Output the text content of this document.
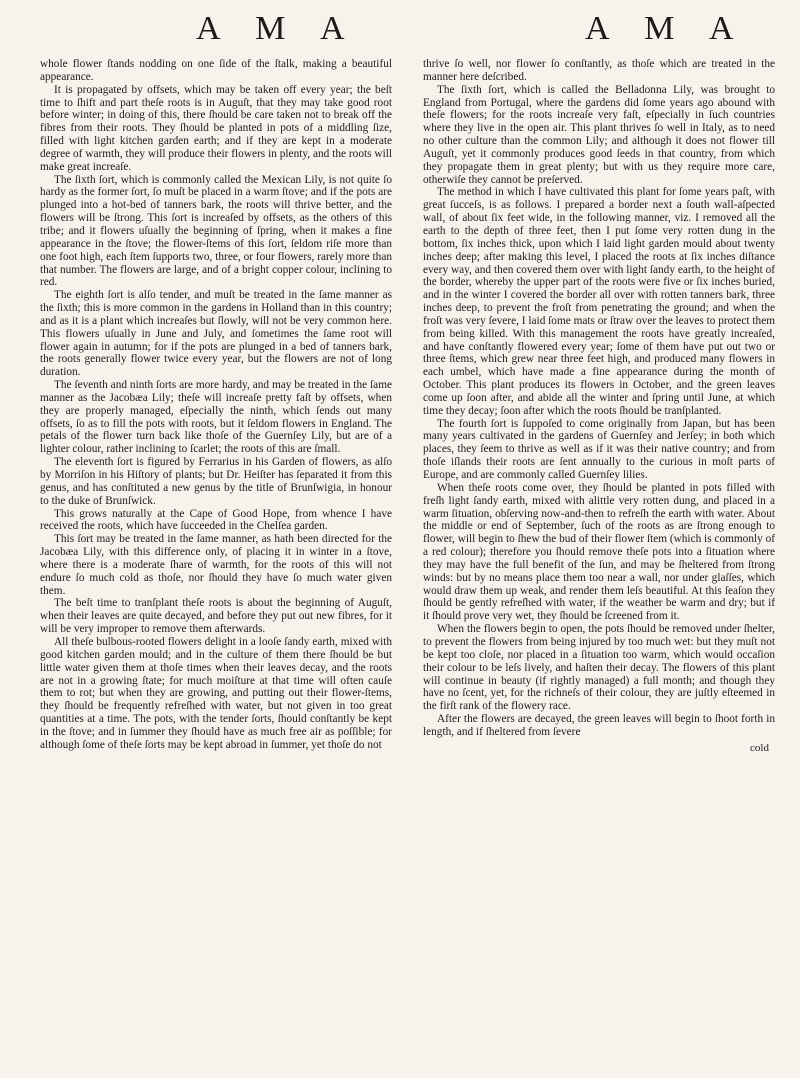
A M A	A M A

whole flower ſtands nodding on one ſide of the ſtalk, making a beautiful appearance.

It is propagated by offsets, which may be taken off every year; the beſt time to ſhift and part theſe roots is in Auguſt, that they may take good root before winter; in doing of this, there ſhould be care taken not to break off the fibres from their roots. They ſhould be planted in pots of a middling ſize, filled with light kitchen garden earth; and if they are kept in a moderate degree of warmth, they will produce their flowers in plenty, and the roots will make great increaſe.

The ſixth ſort, which is commonly called the Mexican Lily, is not quite ſo hardy as the former ſort, ſo muſt be placed in a warm ſtove; and if the pots are plunged into a hot-bed of tanners bark, the roots will thrive better, and the flowers will be ſtrong. This ſort is increaſed by offsets, as the others of this tribe; and it flowers uſually the beginning of ſpring, when it makes a fine appearance in the ſtove; the flower-ſtems of this ſort, ſeldom riſe more than one foot high, each ſtem ſupports two, three, or four flowers, rarely more than that number. The flowers are large, and of a bright copper colour, inclining to red.

The eighth ſort is alſo tender, and muſt be treated in the ſame manner as the ſixth; this is more common in the gardens in Holland than in this country; and as it is a plant which increaſes but ſlowly, will not be very common here. This flowers uſually in June and July, and ſometimes the ſame root will flower again in autumn; for if the pots are plunged in a bed of tanners bark, the roots generally flower twice every year, but the flowers are not of long duration.

The ſeventh and ninth ſorts are more hardy, and may be treated in the ſame manner as the Jacobæa Lily; theſe will increaſe pretty faſt by offsets, when they are properly managed, eſpecially the ninth, which ſends out many offsets, ſo as to fill the pots with roots, but it ſeldom flowers in England. The petals of the flower turn back like thoſe of the Guernſey Lily, but are of a lighter colour, rather inclining to ſcarlet; the roots of this are ſmall.

The eleventh ſort is figured by Ferrarius in his Garden of flowers, as alſo by Morriſon in his Hiſtory of plants; but Dr. Heiſter has ſeparated it from this genus, and has conſtituted a new genus by the title of Brunſwigia, in honour to the duke of Brunſwick.

This grows naturally at the Cape of Good Hope, from whence I have received the roots, which have ſucceeded in the Chelſea garden.

This ſort may be treated in the ſame manner, as hath been directed for the Jacobæa Lily, with this difference only, of placing it in winter in a ſtove, where there is a moderate ſhare of warmth, for the roots of this will not endure ſo much cold as thoſe, nor ſhould they have ſo much water given them.

The beſt time to tranſplant theſe roots is about the beginning of Auguſt, when their leaves are quite decayed, and before they put out new fibres, for it will be very improper to remove them afterwards.

All theſe bulbous-rooted flowers delight in a looſe ſandy earth, mixed with good kitchen garden mould; and in the culture of them there ſhould be but little water given them at thoſe times when their leaves decay, and the roots are not in a growing ſtate; for much moiſture at that time will often cauſe them to rot; but when they are growing, and putting out their flower-ſtems, they ſhould be frequently refreſhed with water, but not given in too great quantities at a time. The pots, with the tender ſorts, ſhould conſtantly be kept in the ſtove; and in ſummer they ſhould have as much free air as poſſible; for although ſome of theſe ſorts may be kept abroad in ſummer, yet thoſe do not

thrive ſo well, nor flower ſo conſtantly, as thoſe which are treated in the manner here deſcribed.

The ſixth ſort, which is called the Belladonna Lily, was brought to England from Portugal, where the gardens did ſome years ago abound with theſe flowers; for the roots increaſe very faſt, eſpecially in ſuch countries where they live in the open air. This plant thrives ſo well in Italy, as to need no other culture than the common Lily; and although it does not flower till Auguſt, yet it commonly produces good ſeeds in that country, from which they propagate them in great plenty; but with us they require more care, otherwiſe they cannot be preſerved.

The method in which I have cultivated this plant for ſome years paſt, with great ſucceſs, is as follows. I prepared a border next a ſouth wall-aſpected wall, of about ſix feet wide, in the following manner, viz. I removed all the earth to the depth of three feet, then I put ſome very rotten dung in the bottom, ſix inches thick, upon which I laid light garden mould about twenty inches deep; after making this level, I placed the roots at ſix inches diſtance every way, and then covered them over with light ſandy earth, to the height of the border, whereby the upper part of the roots were five or ſix inches buried, and in the winter I covered the border all over with rotten tanners bark, three inches deep, to prevent the froſt from penetrating the ground; and when the froſt was very ſevere, I laid ſome mats or ſtraw over the leaves to protect them from being killed. With this management the roots have greatly increaſed, and have conſtantly flowered every year; ſome of them have put out two or three ſtems, which grew near three feet high, and produced many flowers in each umbel, which have made a fine appearance during the month of October. This plant produces its flowers in October, and the green leaves come up ſoon after, and abide all the winter and ſpring until June, at which time they decay; ſoon after which the roots ſhould be tranſplanted.

The fourth ſort is ſuppoſed to come originally from Japan, but has been many years cultivated in the gardens of Guernſey and Jerſey; in both which places, they ſeem to thrive as well as if it was their native country; and from thoſe iſlands their roots are ſent annually to the curious in moſt parts of Europe, and are commonly called Guernſey lilies.

When theſe roots come over, they ſhould be planted in pots filled with freſh light ſandy earth, mixed with alittle very rotten dung, and placed in a warm ſituation, obſerving now-and-then to refreſh the earth with water. About the middle or end of September, ſuch of the roots as are ſtrong enough to flower, will begin to ſhew the bud of their flower ſtem (which is commonly of a red colour); therefore you ſhould remove theſe pots into a ſituation where they may have the full benefit of the ſun, and may be ſheltered from ſtrong winds: but by no means place them too near a wall, nor under glaſſes, which would draw them up weak, and render them leſs beautiful. At this ſeaſon they ſhould be gently refreſhed with water, if the weather be warm and dry; but if it ſhould prove very wet, they ſhould be ſcreened from it.

When the flowers begin to open, the pots ſhould be removed under ſhelter, to prevent the flowers from being injured by too much wet: but they muſt not be kept too cloſe, nor placed in a ſituation too warm, which would occaſion their colour to be leſs lively, and haſten their decay. The flowers of this plant will continue in beauty (if rightly managed) a full month; and though they have no ſcent, yet, for the richneſs of their colour, they are juſtly eſteemed in the firſt rank of the flowery race.

After the flowers are decayed, the green leaves will begin to ſhoot forth in length, and if ſheltered from ſevere

cold
